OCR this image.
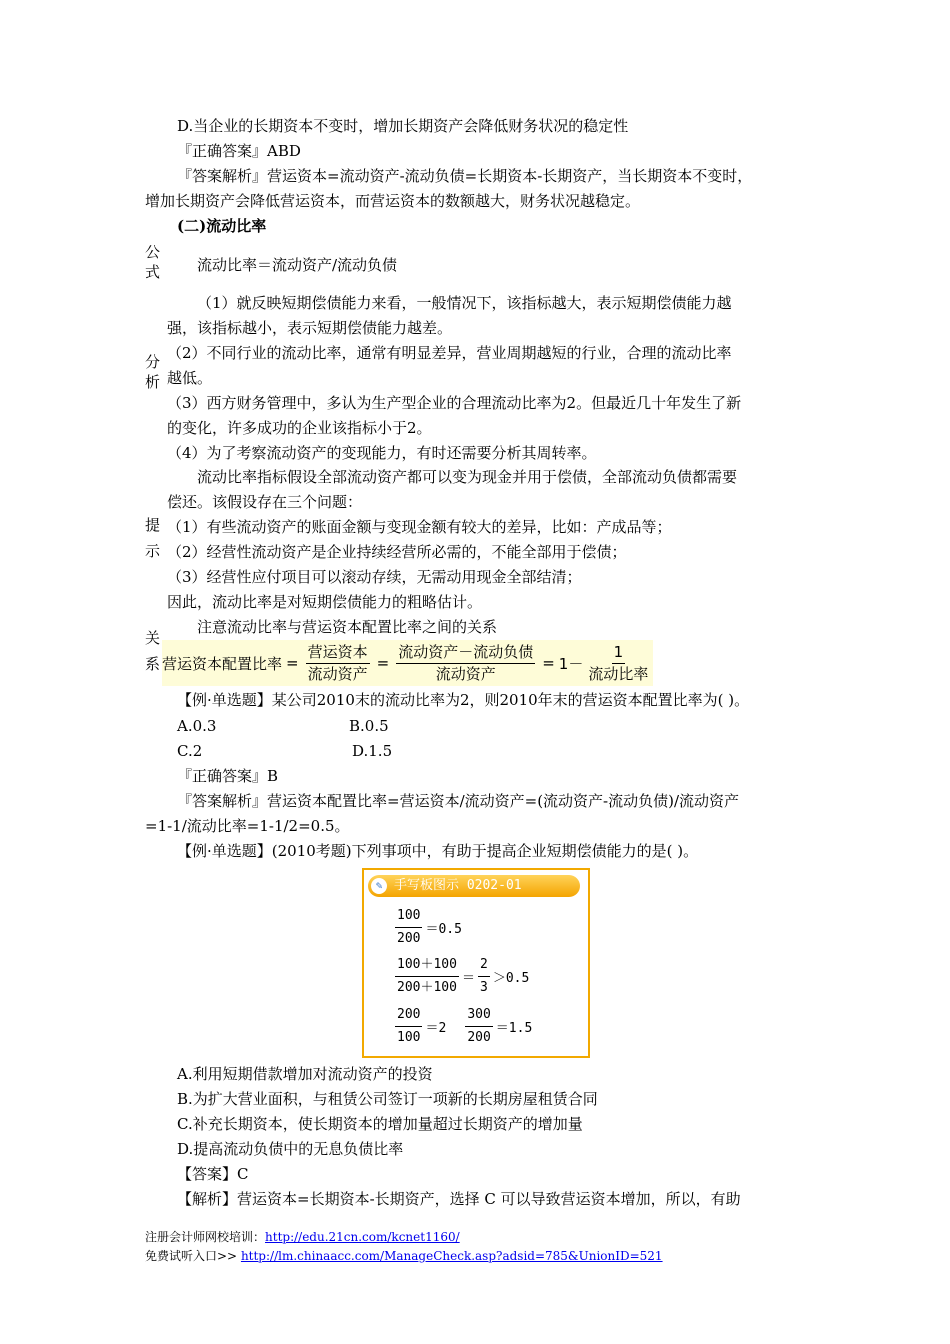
D.当企业的长期资本不变时，增加长期资产会降低财务状况的稳定性
『正确答案』ABD
『答案解析』营运资本=流动资产-流动负债=长期资本-长期资产，当长期资本不变时，
增加长期资产会降低营运资本，而营运资本的数额越大，财务状况越稳定。
(二)流动比率
公
式 流动比率＝流动资产/流动负债
分
析
（1）就反映短期偿债能力来看，一般情况下，该指标越大，表示短期偿债能力越
强，该指标越小，表示短期偿债能力越差。
（2）不同行业的流动比率，通常有明显差异，营业周期越短的行业，合理的流动比率
越低。
（3）西方财务管理中，多认为生产型企业的合理流动比率为2。但最近几十年发生了新
的变化，许多成功的企业该指标小于2。
（4）为了考察流动资产的变现能力，有时还需要分析其周转率。
提
示
流动比率指标假设全部流动资产都可以变为现金并用于偿债，全部流动负债都需要
偿还。该假设存在三个问题：
（1）有些流动资产的账面金额与变现金额有较大的差异，比如：产成品等；
（2）经营性流动资产是企业持续经营所必需的，不能全部用于偿债；
（3）经营性应付项目可以滚动存续，无需动用现金全部结清；
因此，流动比率是对短期偿债能力的粗略估计。
关
系
注意流动比率与营运资本配置比率之间的关系
营运资本配置比率 = $\frac{\text{营运资本}}{\text{流动资产}} = \frac{\text{流动资产－流动负债}}{\text{流动资产}} = 1- \frac{1}{\text{流动比率}}$
【例·单选题】某公司2010末的流动比率为2，则2010年末的营运资本配置比率为( )。
A.0.3	B.0.5
C.2	D.1.5
『正确答案』B
『答案解析』营运资本配置比率=营运资本/流动资产=(流动资产-流动负债)/流动资产
=1-1/流动比率=1-1/2=0.5。
【例·单选题】(2010考题)下列事项中，有助于提高企业短期偿债能力的是( )。
✎ 手写板图示 0202-01
$\frac{100}{200} =0.5$
$\frac{100+100}{200+100} = \frac{2}{3} >0.5$
$\frac{200}{100} =2 \frac{300}{200} =1.5$
A.利用短期借款增加对流动资产的投资
B.为扩大营业面积，与租赁公司签订一项新的长期房屋租赁合同
C.补充长期资本，使长期资本的增加量超过长期资产的增加量
D.提高流动负债中的无息负债比率
【答案】C
【解析】营运资本=长期资本-长期资产，选择 C 可以导致营运资本增加，所以，有助
注册会计师网校培训：http://edu.21cn.com/kcnet1160/
免费试听入口>> http://lm.chinaacc.com/ManageCheck.asp?adsid=785&UnionID=521
